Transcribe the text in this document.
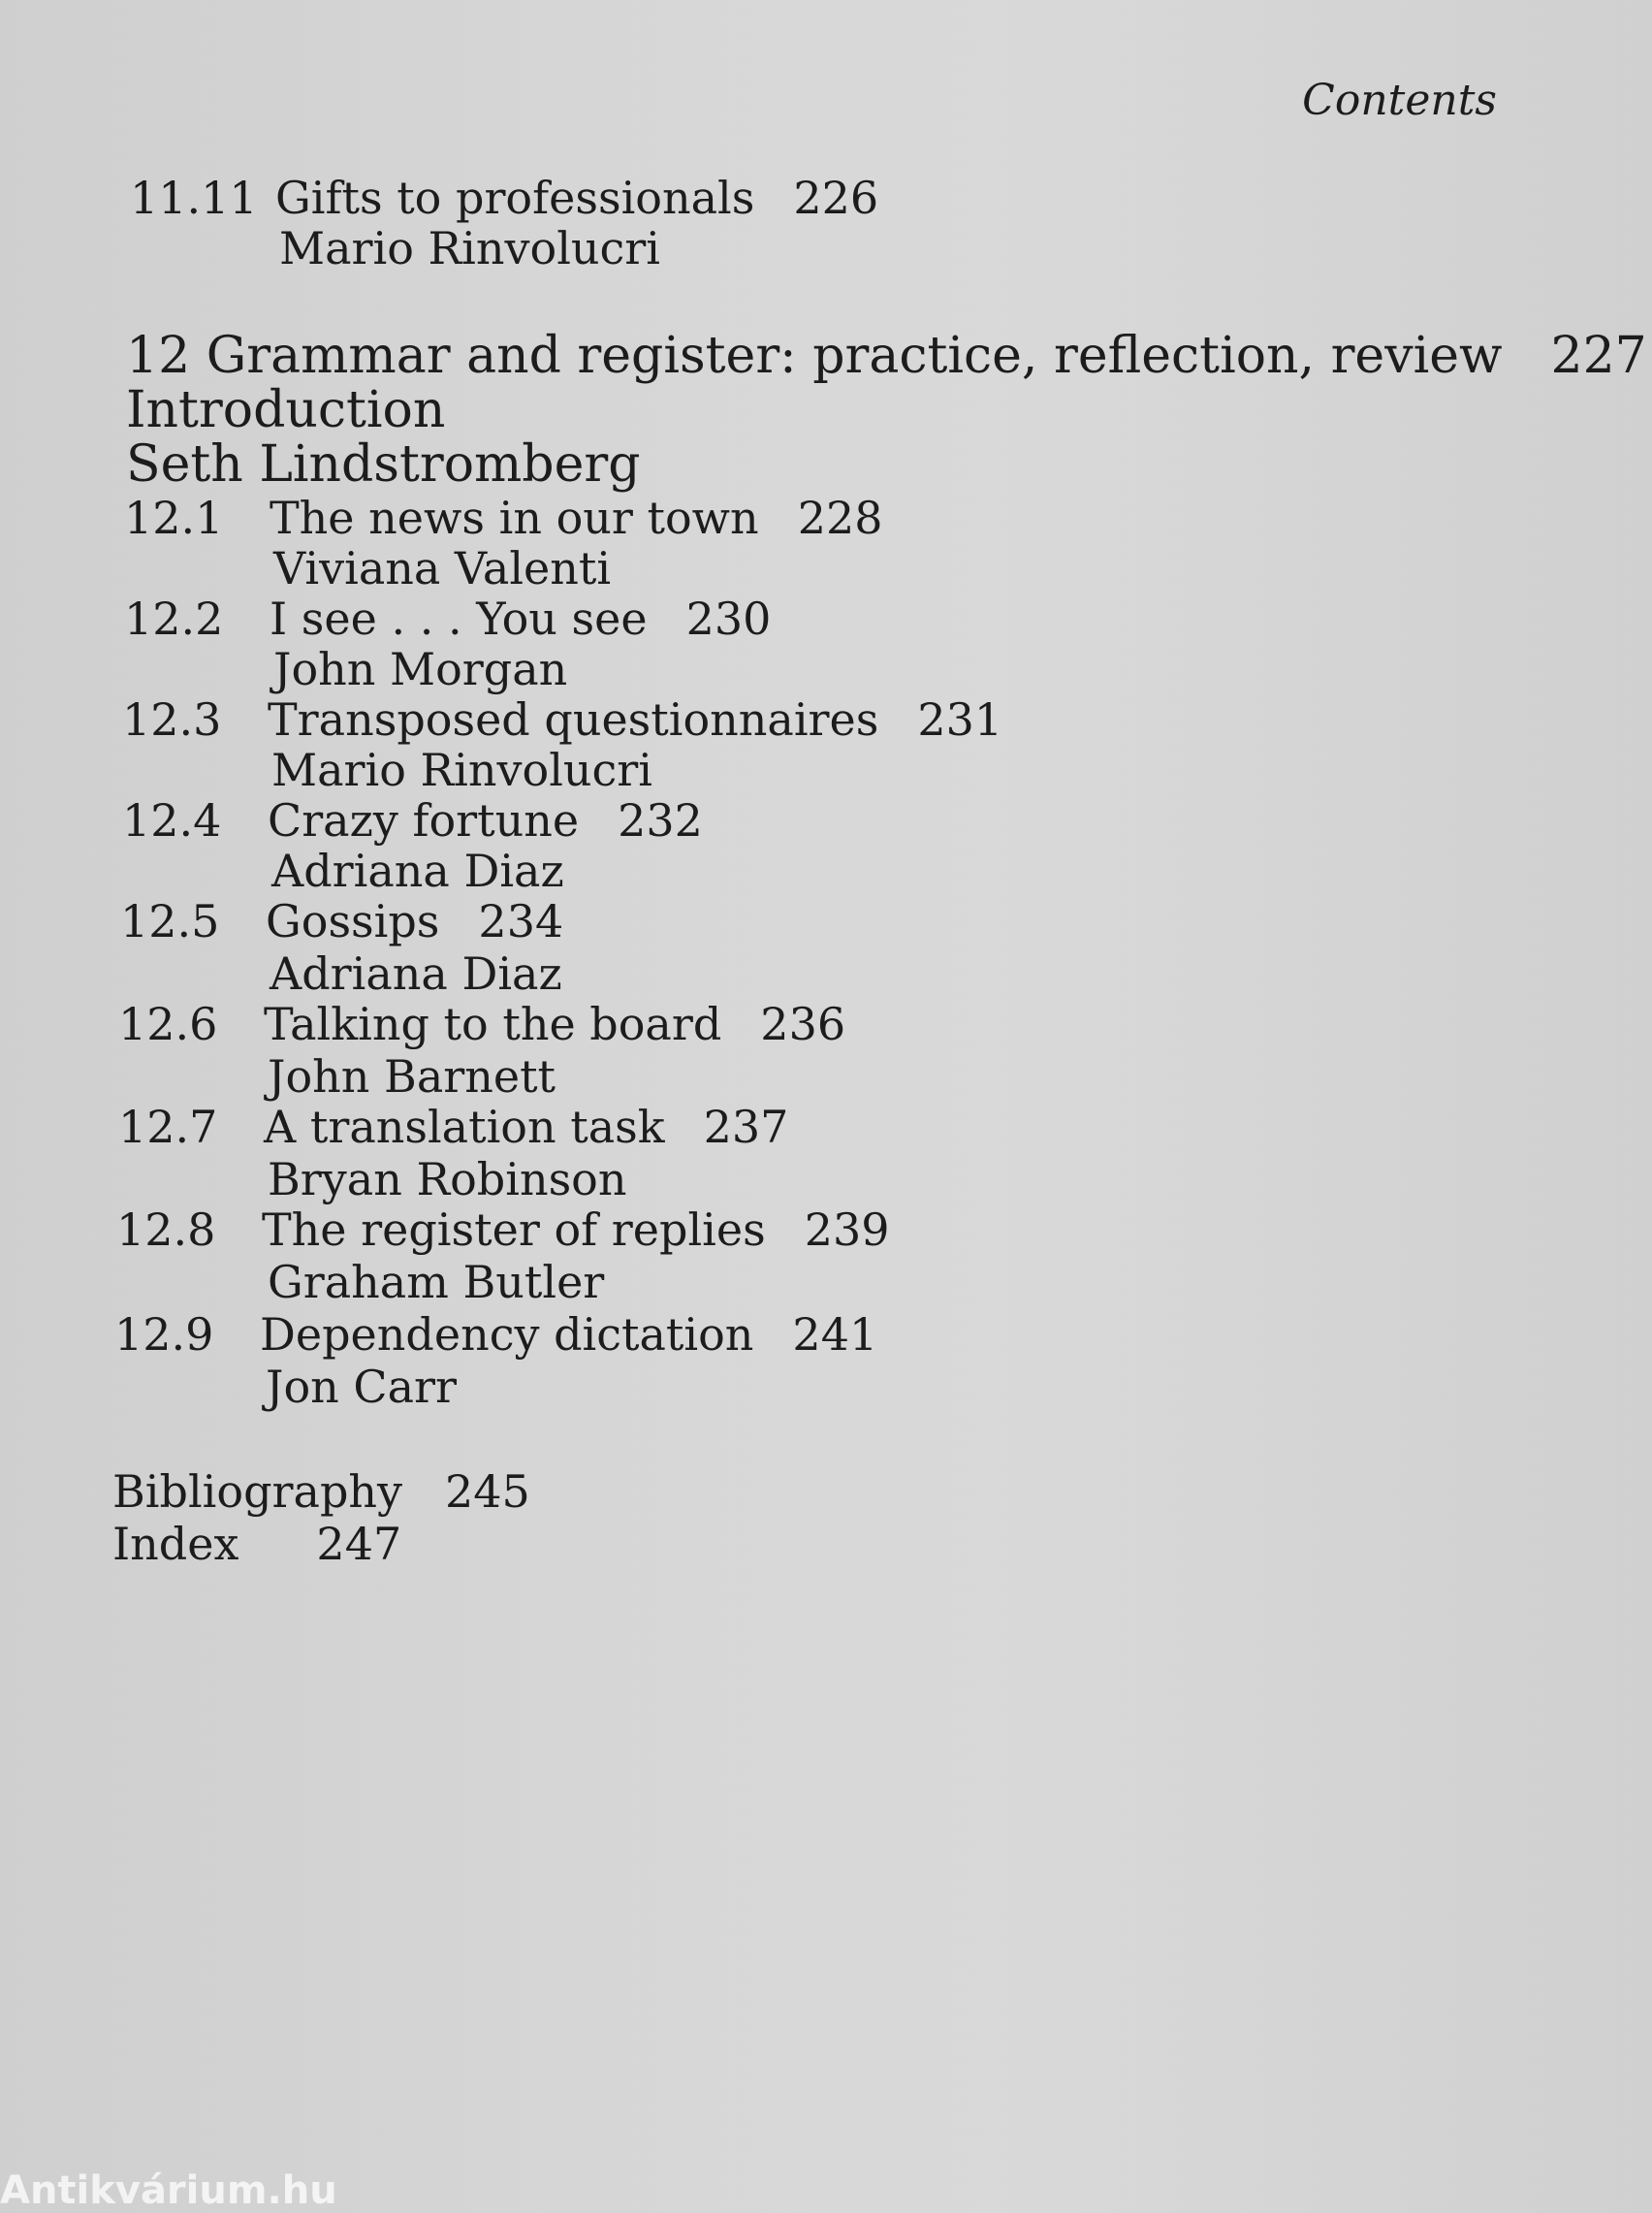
Contents
11.11 Gifts to professionals 226
Mario Rinvolucri
12 Grammar and register: practice, reflection, review 227
Introduction
Seth Lindstromberg
12.1 The news in our town 228
Viviana Valenti
12.2 I see . . . You see 230
John Morgan
12.3 Transposed questionnaires 231
Mario Rinvolucri
12.4 Crazy fortune 232
Adriana Diaz
12.5 Gossips 234
Adriana Diaz
12.6 Talking to the board 236
John Barnett
12.7 A translation task 237
Bryan Robinson
12.8 The register of replies 239
Graham Butler
12.9 Dependency dictation 241
Jon Carr
Bibliography 245
Index 247
Antikvárium.hu
